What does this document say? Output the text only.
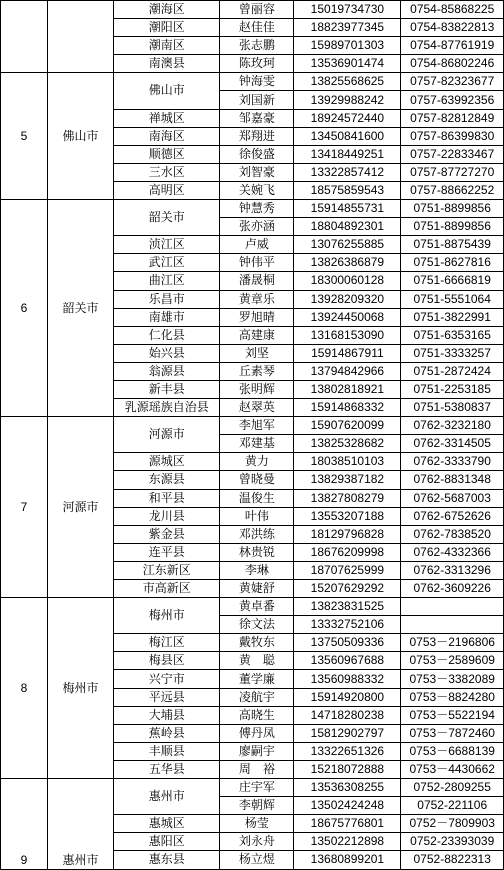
		潮海区	曾丽容	15019734730	0754-85868225
		潮阳区	赵佳佳	18823977345	0754-83822813
		潮南区	张志鹏	15989701303	0754-87761919
		南澳县	陈玫珂	13536901474	0754-86802246
5	佛山市	佛山市	钟海雯	13825568625	0757-82323677
			刘国新	13929988242	0757-63992356
		禅城区	邹嘉豪	18924572440	0757-82812849
		南海区	郑翔进	13450841600	0757-86399830
		顺德区	徐俊盛	13418449251	0757-22833467
		三水区	刘智豪	13322857412	0757-87727270
		高明区	关婉飞	18575859543	0757-88662252
6	韶关市	韶关市	钟慧秀	15914855731	0751-8899856
			张亦涵	18804892301	0751-8899856
		浈江区	卢威	13076255885	0751-8875439
		武江区	钟伟平	13826386879	0751-8627816
		曲江区	潘晟桐	18300060128	0751-6666819
		乐昌市	黄章乐	13928209320	0751-5551064
		南雄市	罗旭晴	13924450068	0751-3822991
		仁化县	高建康	13168153090	0751-6353165
		始兴县	刘坚	15914867911	0751-3333257
		翁源县	丘素琴	13794842966	0751-2872424
		新丰县	张明辉	13802818921	0751-2253185
		乳源瑶族自治县	赵翠英	15914868332	0751-5380837
7	河源市	河源市	李旭军	15907620099	0762-3232180
			邓建基	13825328682	0762-3314505
		源城区	黄力	18038510103	0762-3333790
		东源县	曾晓曼	13829387182	0762-8831348
		和平县	温俊生	13827808279	0762-5687003
		龙川县	叶伟	13553207188	0762-6752626
		紫金县	邓洪练	18129796828	0762-7838520
		连平县	林贵锐	18676209998	0762-4332366
		江东新区	李琳	18707625999	0762-3313296
		市高新区	黄婕舒	15207629292	0762-3609226
8	梅州市	梅州市	黄卓番	13823831525	
			徐文法	13332752106	
		梅江区	戴牧东	13750509336	0753－2196806
		梅县区	黄　聪	13560967688	0753－2589609
		兴宁市	董学廉	13560988332	0753－3382089
		平远县	凌航宇	15914920800	0753－8824280
		大埔县	高晓生	14718280238	0753－5522194
		蕉岭县	傅丹凤	15812902797	0753－7872460
		丰顺县	廖嗣宇	13322651326	0753－6688139
		五华县	周　裕	15218072888	0753－4430662
9	惠州市	惠州市	庄宇军	13536308255	0752-2809255
			李朝辉	13502424248	0752-221106
		惠城区	杨莹	18675776801	0752－7809903
		惠阳区	刘永舟	13502212898	0752-23393039
		惠东县	杨立煜	13680899201	0752-8822313
